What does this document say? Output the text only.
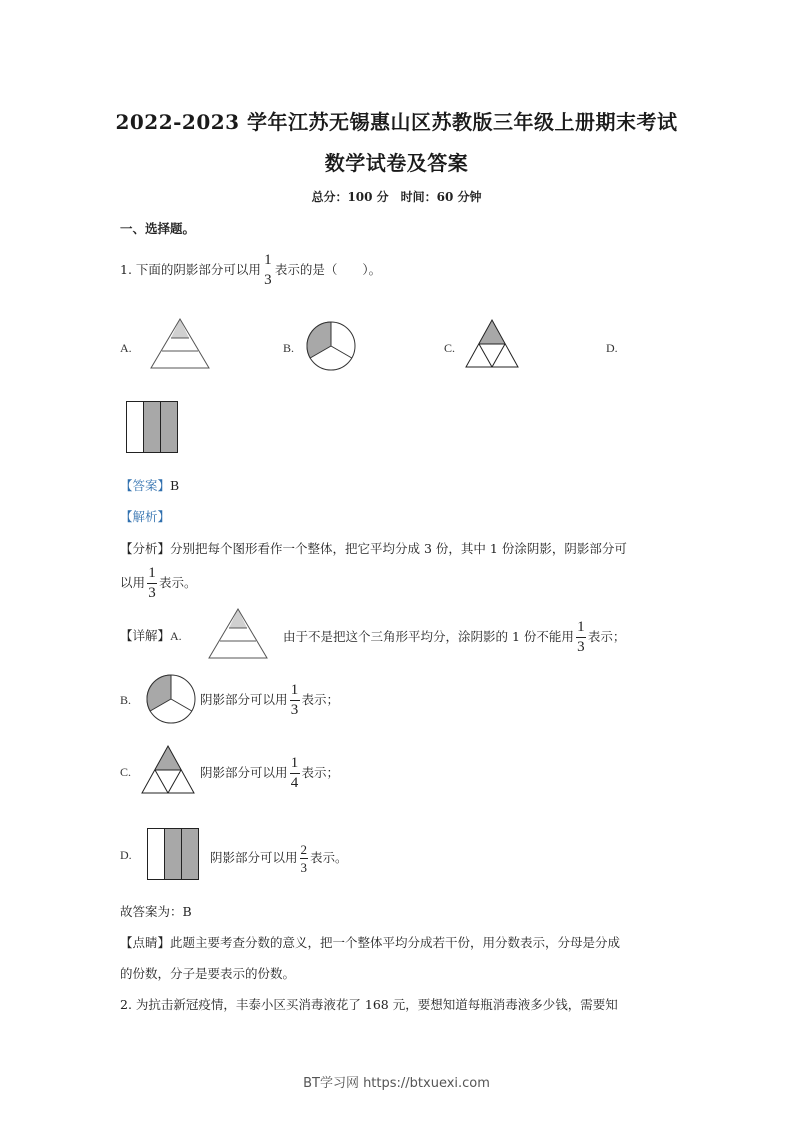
2022-2023 学年江苏无锡惠山区苏教版三年级上册期末考试
数学试卷及答案
总分：100 分　时间：60 分钟
一、选择题。
1. 下面的阴影部分可以用
1
3
表示的是（　　）。
A.	B.	C.	D.
【答案】B
【解析】
【分析】分别把每个图形看作一个整体，把它平均分成 3 份，其中 1 份涂阴影，阴影部分可
以用 $\frac{1}{3}$ 表示。
【详解】A.	由于不是把这个三角形平均分，涂阴影的 1 份不能用 $\frac{1}{3}$ 表示；
B.	阴影部分可以用 $\frac{1}{3}$ 表示；
C.	阴影部分可以用 $\frac{1}{4}$ 表示；
D.	阴影部分可以用 $\frac{2}{3}$ 表示。
故答案为：B
【点睛】此题主要考查分数的意义，把一个整体平均分成若干份，用分数表示，分母是分成
的份数，分子是要表示的份数。
2. 为抗击新冠疫情，丰泰小区买消毒液花了 168 元，要想知道每瓶消毒液多少钱，需要知
BT学习网 https://btxuexi.com
